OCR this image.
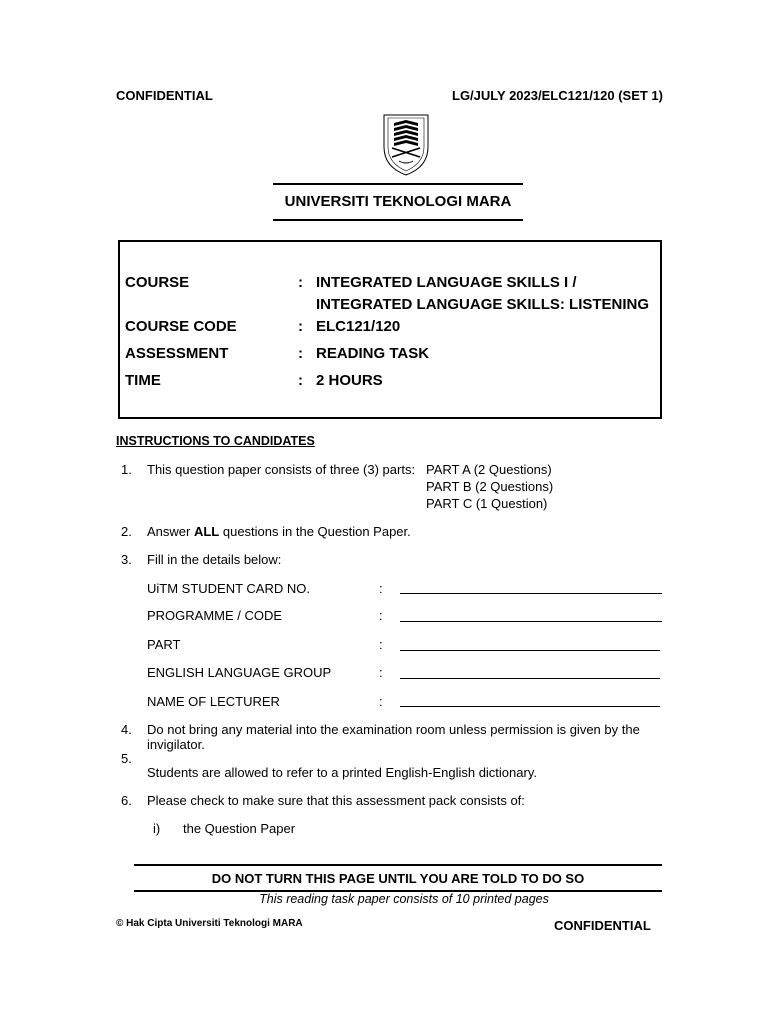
CONFIDENTIAL	LG/JULY 2023/ELC121/120 (SET 1)
UNIVERSITI TEKNOLOGI MARA
COURSE	: INTEGRATED LANGUAGE SKILLS I /
INTEGRATED LANGUAGE SKILLS: LISTENING
COURSE CODE	: ELC121/120
ASSESSMENT	: READING TASK
TIME	: 2 HOURS
INSTRUCTIONS TO CANDIDATES
1. This question paper consists of three (3) parts: PART A (2 Questions)
PART B (2 Questions)
PART C (1 Question)
2. Answer ALL questions in the Question Paper.
3. Fill in the details below:
UiTM STUDENT CARD NO.	:
PROGRAMME / CODE	:
PART	:
ENGLISH LANGUAGE GROUP	:
NAME OF LECTURER	:
4. Do not bring any material into the examination room unless permission is given by the
invigilator.
5.
Students are allowed to refer to a printed English-English dictionary.
6. Please check to make sure that this assessment pack consists of:
i) the Question Paper
DO NOT TURN THIS PAGE UNTIL YOU ARE TOLD TO DO SO
This reading task paper consists of 10 printed pages
© Hak Cipta Universiti Teknologi MARA	CONFIDENTIAL
